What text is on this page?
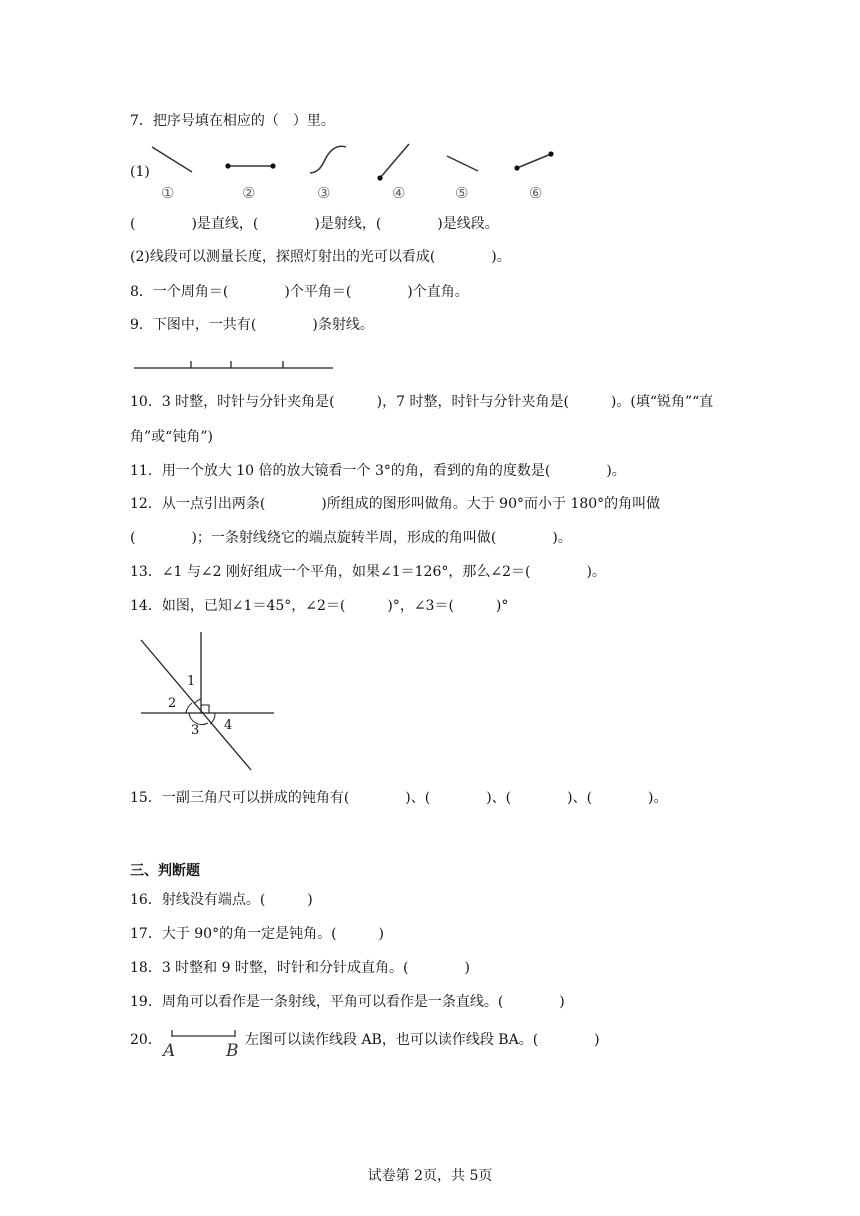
7．把序号填在相应的（　）里。
(1)
①	②	③	④	⑤	⑥
(　　　　)是直线，(　　　　)是射线，(　　　　)是线段。
(2)线段可以测量长度，探照灯射出的光可以看成(　　　　)。
8．一个周角＝(　　　　)个平角＝(　　　　)个直角。
9．下图中，一共有(　　　　)条射线。
10．3 时整，时针与分针夹角是(　　　)，7 时整，时针与分针夹角是(　　　)。(填“锐角”“直
角”或“钝角”)
11．用一个放大 10 倍的放大镜看一个 3°的角，看到的角的度数是(　　　　)。
12．从一点引出两条(　　　　)所组成的图形叫做角。大于 90°而小于 180°的角叫做
(　　　　)；一条射线绕它的端点旋转半周，形成的角叫做(　　　　)。
13．∠1 与∠2 刚好组成一个平角，如果∠1＝126°，那么∠2＝(　　　　)。
14．如图，已知∠1＝45°，∠2＝(　　　)°，∠3＝(　　　)°
1
2
3 4
15．一副三角尺可以拼成的钝角有(　　　　)、(　　　　)、(　　　　)、(　　　　)。
三、判断题
16．射线没有端点。(　　　)
17．大于 90°的角一定是钝角。(　　　)
18．3 时整和 9 时整，时针和分针成直角。(　　　　)
19．周角可以看作是一条射线，平角可以看作是一条直线。(　　　　)
20．
A	B
左图可以读作线段 AB，也可以读作线段 BA。(　　　　)
试卷第 2页，共 5页
